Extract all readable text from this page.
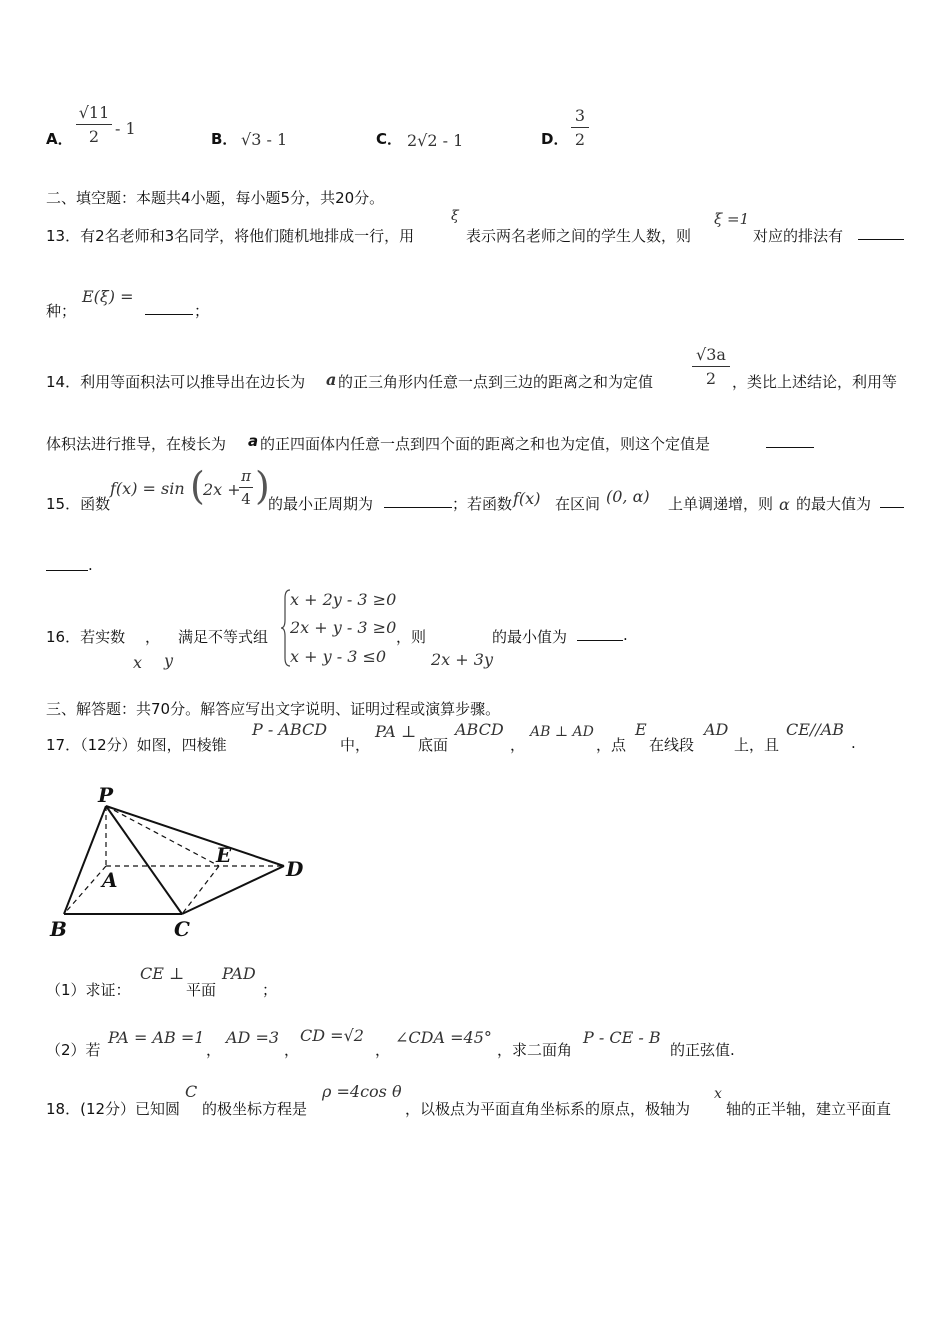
A．
√11
2 - 1
B． √3 - 1	C． 2√2 - 1	D．
3
2
二、填空题：本题共4小题，每小题5分，共20分。
13．有2名老师和3名同学，将他们随机地排成一行，用
ξ
表示两名老师之间的学生人数，则
ξ =1
对应的排法有
种；
E(ξ) =
；
14．利用等面积法可以推导出在边长为 a 的正三角形内任意一点到三边的距离之和为定值
√3a
2	，类比上述结论，利用等
体积法进行推导，在棱长为 a 的正四面体内任意一点到四个面的距离之和也为定值，则这个定值是
15．函数
f(x) = sin (
2x +
π
4 )
的最小正周期为	；若函数 f(x) 在区间 (0, α) 上单调递增，则 α 的最大值为
.
16．若实数 ，
x y
满足不等式组
x + 2y - 3 ≥0
2x + y - 3 ≥0
x + y - 3 ≤0
，则
2x + 3y
的最小值为	.
三、解答题：共70分。解答应写出文字说明、证明过程或演算步骤。
17．（12分）如图，四棱锥
P - ABCD
中，
PA ⊥
底面
ABCD
，
AB ⊥ AD
，点
E
在线段
AD
上，且
CE//AB
.
P
A
B	C
D
E
（1）求证：
CE ⊥
平面
PAD
；
（2）若
PA = AB =1
，
AD =3
，
CD =√2
，
∠CDA =45°
，求二面角
P - CE - B
的正弦值.
18．(12分）已知圆
C
的极坐标方程是
ρ =4cos θ
，以极点为平面直角坐标系的原点，极轴为
x
轴的正半轴，建立平面直
